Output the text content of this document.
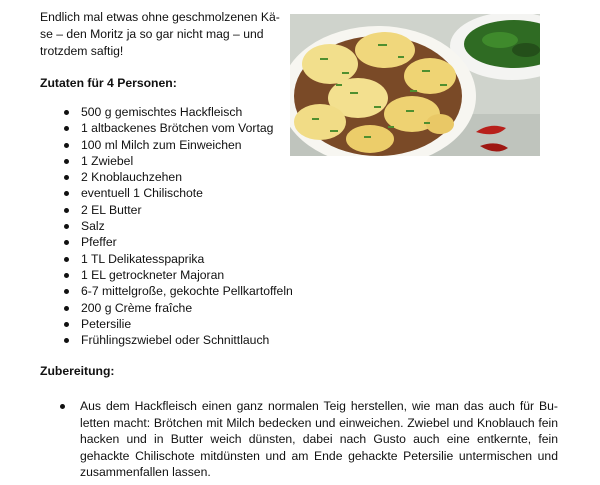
Endlich mal etwas ohne geschmolzenen Kä-
se – den Moritz ja so gar nicht mag – und
trotzdem saftig!
Zutaten für 4 Personen:
500 g gemischtes Hackfleisch
1 altbackenes Brötchen vom Vortag
100 ml Milch zum Einweichen
1 Zwiebel
2 Knoblauchzehen
eventuell 1 Chilischote
2 EL Butter
Salz
Pfeffer
1 TL Delikatesspaprika
1 EL getrockneter Majoran
6-7 mittelgroße, gekochte Pellkartoffeln
200 g Crème fraîche
Petersilie
Frühlingszwiebel oder Schnittlauch
Zubereitung:
Aus dem Hackfleisch einen ganz normalen Teig herstellen, wie man das auch für Bu-letten macht: Brötchen mit Milch bedecken und einweichen. Zwiebel und Knoblauch fein hacken und in Butter weich dünsten, dabei nach Gusto auch eine entkernte, fein gehackte Chilischote mitdünsten und am Ende gehackte Petersilie untermischen und zusammenfallen lassen.
